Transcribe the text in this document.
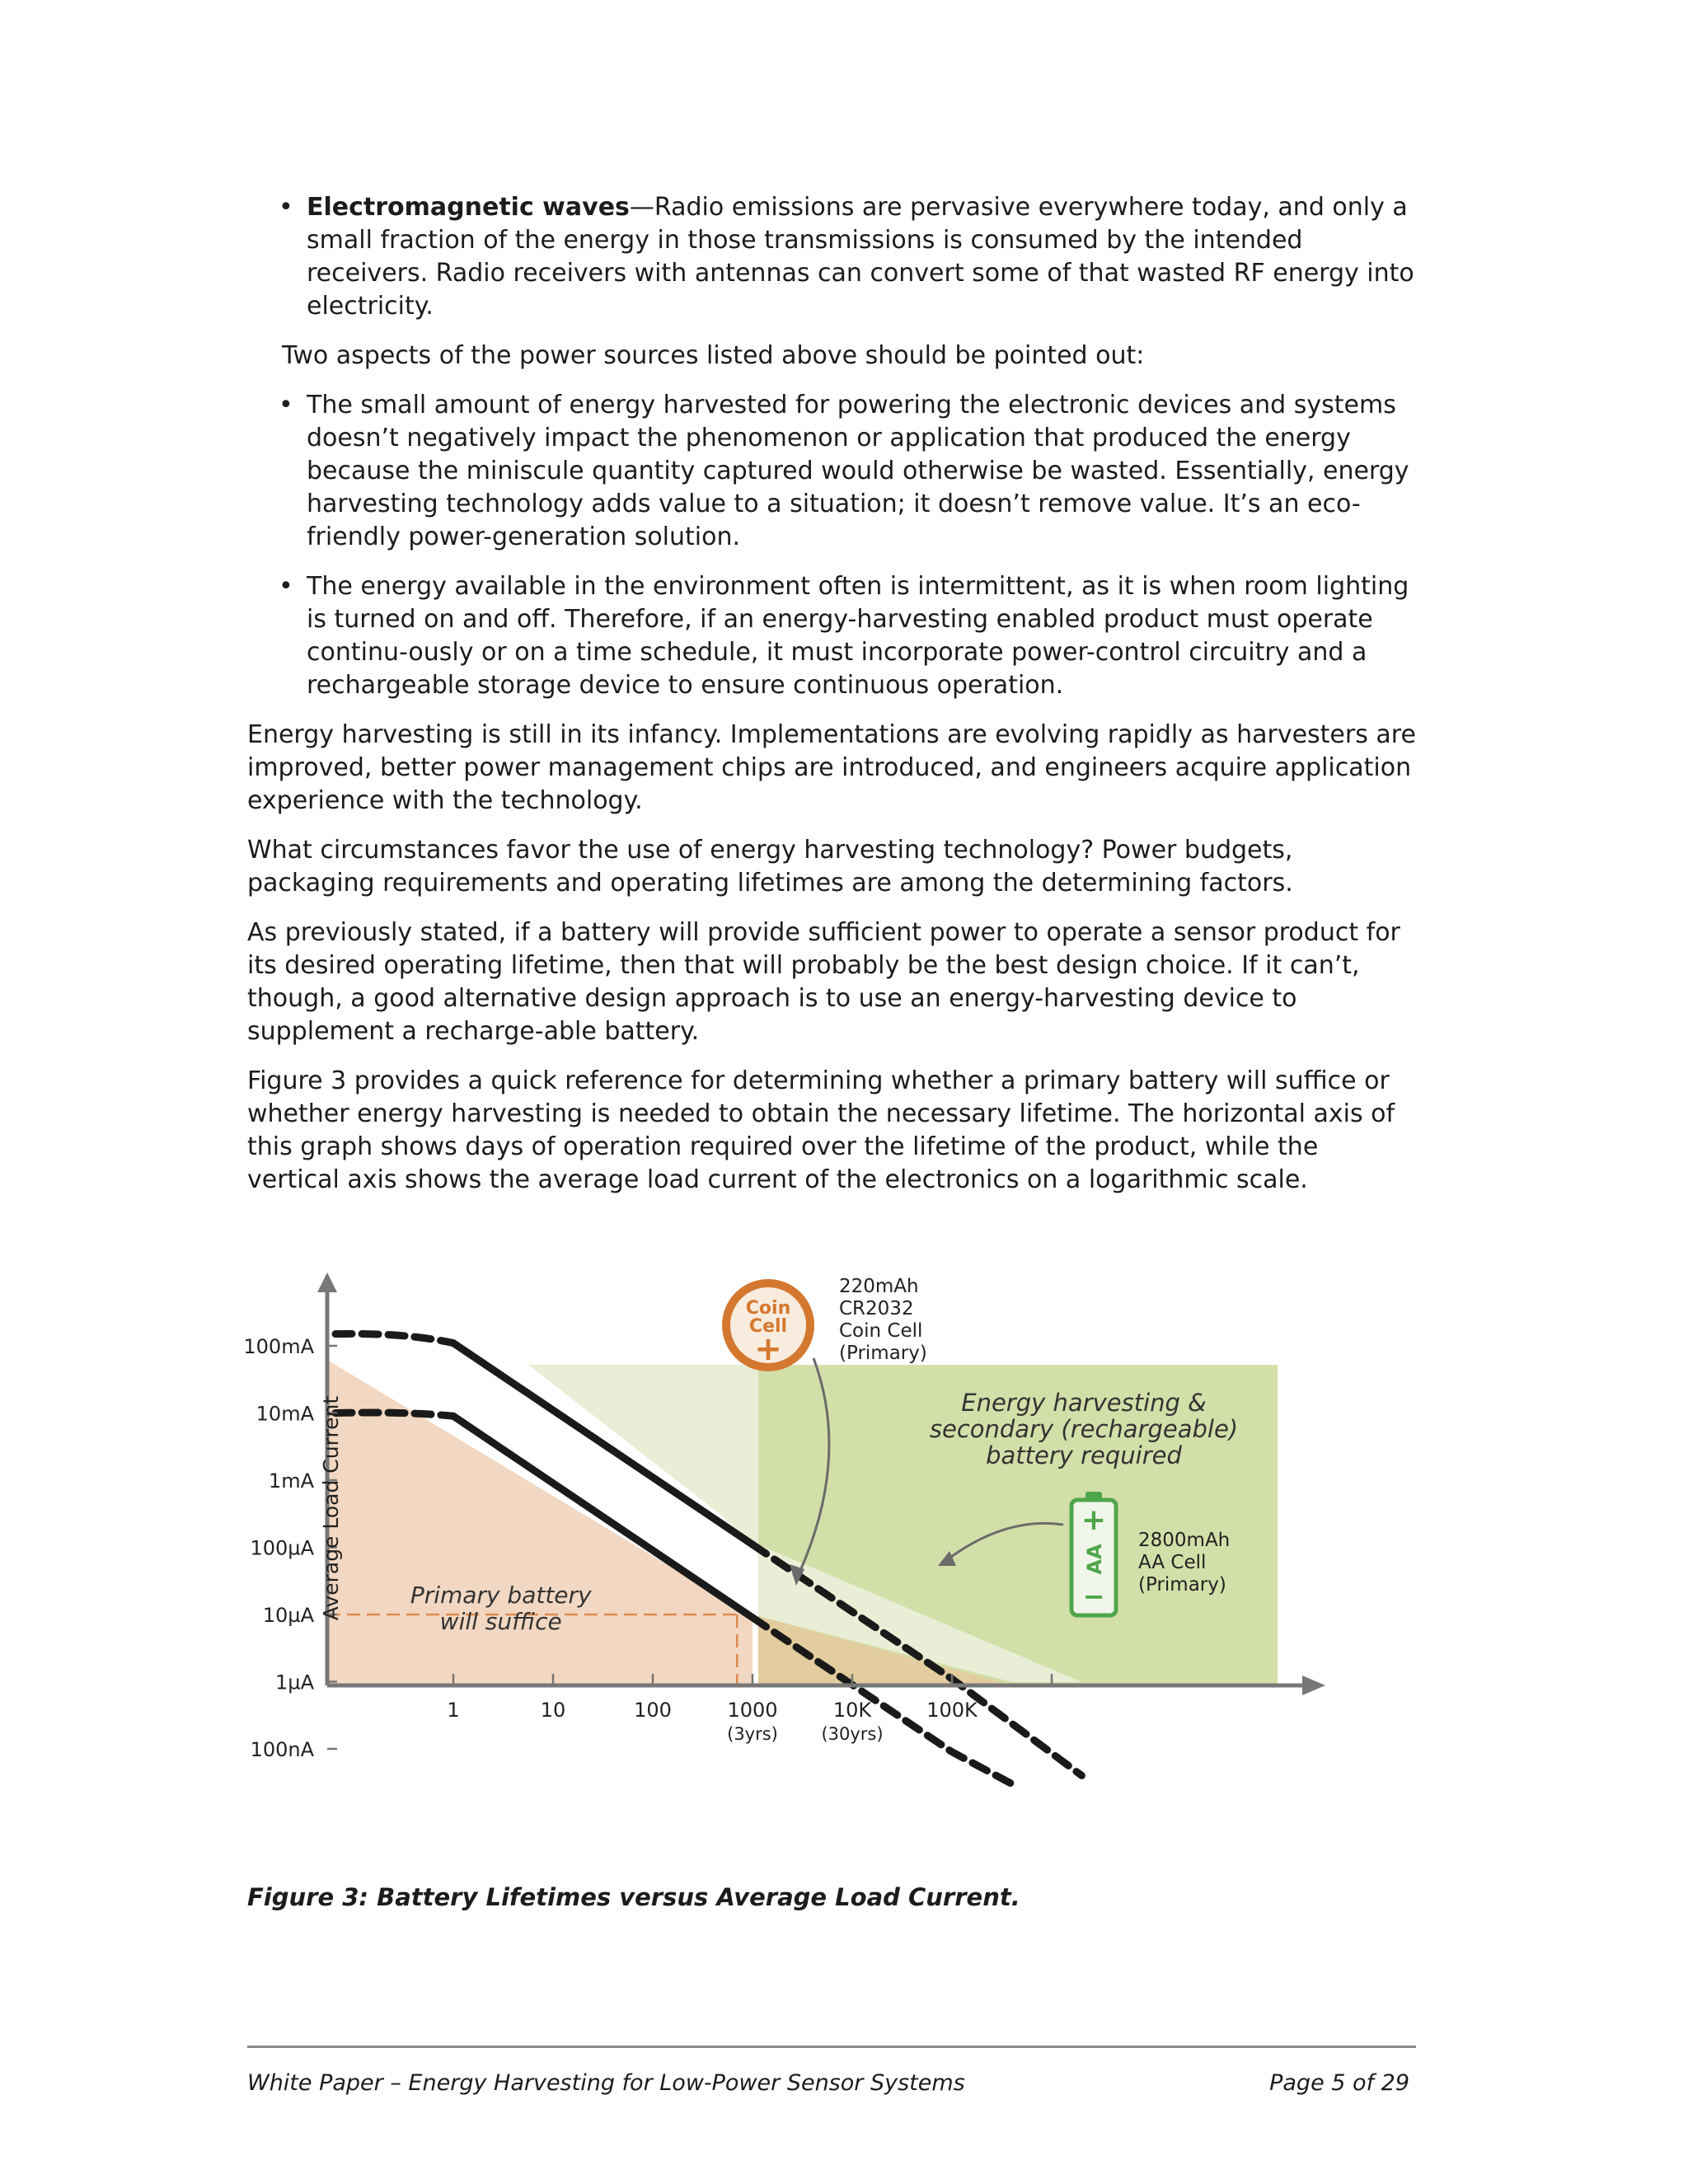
• Electromagnetic waves—Radio emissions are pervasive everywhere today, and only a small fraction of the energy in those transmissions is consumed by the intended receivers. Radio receivers with antennas can convert some of that wasted RF energy into electricity.

Two aspects of the power sources listed above should be pointed out:

• The small amount of energy harvested for powering the electronic devices and systems doesn’t negatively impact the phenomenon or application that produced the energy because the miniscule quantity captured would otherwise be wasted. Essentially, energy harvesting technology adds value to a situation; it doesn’t remove value. It’s an eco-friendly power-generation solution.
• The energy available in the environment often is intermittent, as it is when room lighting is turned on and off. Therefore, if an energy-harvesting enabled product must operate continu-ously or on a time schedule, it must incorporate power-control circuitry and a rechargeable storage device to ensure continuous operation.

Energy harvesting is still in its infancy. Implementations are evolving rapidly as harvesters are improved, better power management chips are introduced, and engineers acquire application experience with the technology.

What circumstances favor the use of energy harvesting technology? Power budgets, packaging requirements and operating lifetimes are among the determining factors.

As previously stated, if a battery will provide sufficient power to operate a sensor product for its desired operating lifetime, then that will probably be the best design choice. If it can’t, though, a good alternative design approach is to use an energy-harvesting device to supplement a recharge-able battery.

Figure 3 provides a quick reference for determining whether a primary battery will suffice or whether energy harvesting is needed to obtain the necessary lifetime. The horizontal axis of this graph shows days of operation required over the lifetime of the product, while the vertical axis shows the average load current of the electronics on a logarithmic scale.

100mA
10mA
1mA
100µA
10µA
1µA
100nA
1	10	100	1000
(3yrs)
10K
(30yrs)
100K
Average Load Current	Primary battery will suffice
Energy harvesting & secondary (rechargeable) battery required
Coin
Cell
+
220mAh CR2032 Coin Cell (Primary)
+
AA
−
2800mAh AA Cell (Primary)
Figure 3: Battery Lifetimes versus Average Load Current.
White Paper – Energy Harvesting for Low-Power Sensor Systems	Page 5 of 29
